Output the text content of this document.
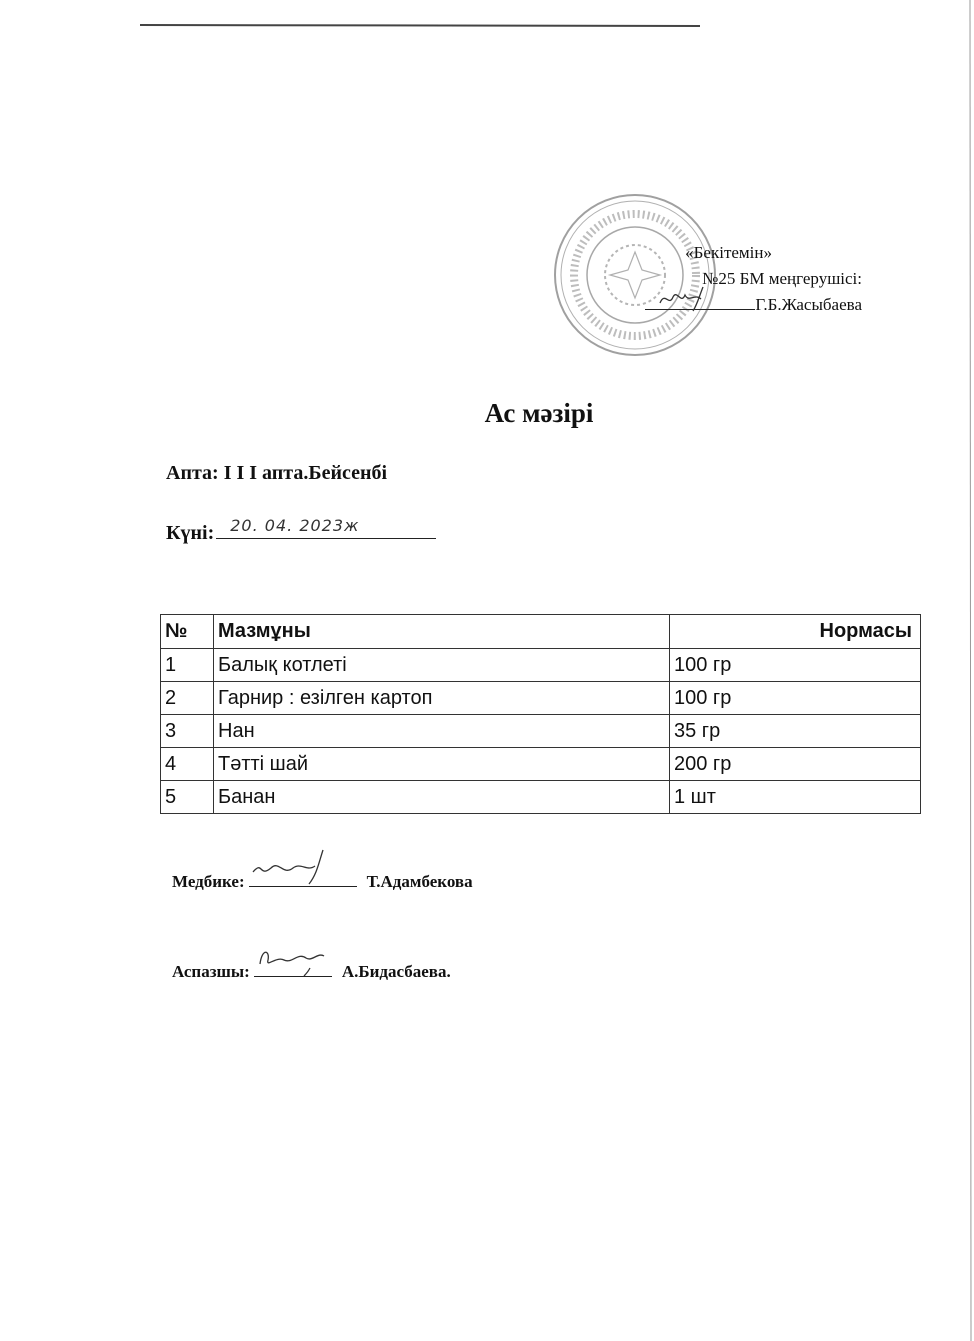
«Бекітемін»
№25 БМ меңгерушісі:
Г.Б.Жасыбаева
Ас мәзірі
Апта: І І І апта.Бейсенбі
Күні: 20. 04. 2023ж
№	Мазмұны	Нормасы
1	Балық котлеті	100 гр
2	Гарнир : езілген картоп	100 гр
3	Нан	35 гр
4	Тәтті шай	200 гр
5	Банан	1 шт
Медбике:	Т.Адамбекова
Аспазшы:	А.Бидасбаева.
